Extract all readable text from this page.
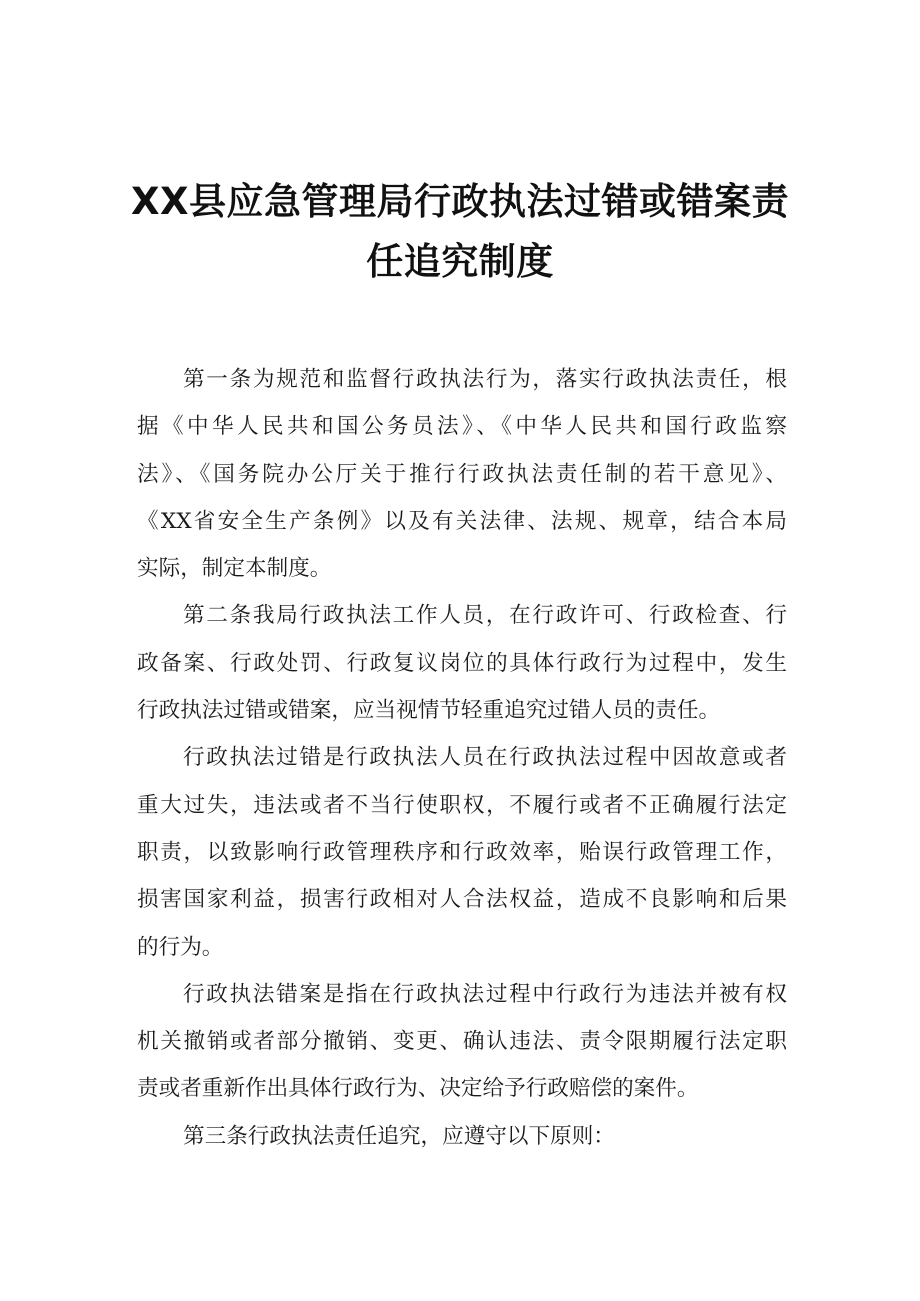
XX县应急管理局行政执法过错或错案责
任追究制度

第一条为规范和监督行政执法行为，落实行政执法责任，根
据《中华人民共和国公务员法》、《中华人民共和国行政监察
法》、《国务院办公厅关于推行行政执法责任制的若干意见》、
《XX省安全生产条例》以及有关法律、法规、规章，结合本局
实际，制定本制度。

第二条我局行政执法工作人员，在行政许可、行政检查、行
政备案、行政处罚、行政复议岗位的具体行政行为过程中，发生
行政执法过错或错案，应当视情节轻重追究过错人员的责任。

行政执法过错是行政执法人员在行政执法过程中因故意或者
重大过失，违法或者不当行使职权，不履行或者不正确履行法定
职责，以致影响行政管理秩序和行政效率，贻误行政管理工作，
损害国家利益，损害行政相对人合法权益，造成不良影响和后果
的行为。

行政执法错案是指在行政执法过程中行政行为违法并被有权
机关撤销或者部分撤销、变更、确认违法、责令限期履行法定职
责或者重新作出具体行政行为、决定给予行政赔偿的案件。

第三条行政执法责任追究，应遵守以下原则：
